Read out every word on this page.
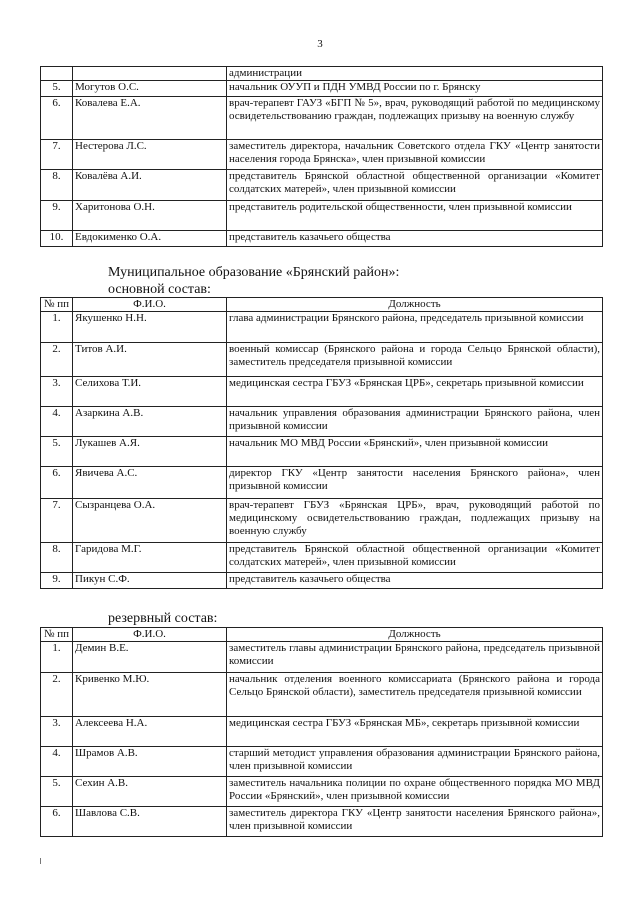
3
		администрации
5.	Могутов О.С.	начальник ОУУП и ПДН УМВД России по г. Брянску
6.	Ковалева Е.А.	врач-терапевт ГАУЗ «БГП № 5», врач, руководящий работой по медицинскому освидетельствованию граждан, подлежащих призыву на военную службу
7.	Нестерова Л.С.	заместитель директора, начальник Советского отдела ГКУ «Центр занятости населения города Брянска», член призывной комиссии
8.	Ковалёва А.И.	представитель Брянской областной общественной организации «Комитет солдатских матерей», член призывной комиссии
9.	Харитонова О.Н.	представитель родительской общественности, член призывной комиссии
10.	Евдокименко О.А.	представитель казачьего общества
Муниципальное образование «Брянский район»:
основной состав:
№ пп	Ф.И.О.	Должность
1.	Якушенко Н.Н.	глава администрации Брянского района, председатель призывной комиссии
2.	Титов А.И.	военный комиссар (Брянского района и города Сельцо Брянской области), заместитель председателя призывной комиссии
3.	Селихова Т.И.	медицинская сестра ГБУЗ «Брянская ЦРБ», секретарь призывной комиссии
4.	Азаркина А.В.	начальник управления образования администрации Брянского района, член призывной комиссии
5.	Лукашев А.Я.	начальник МО МВД России «Брянский», член призывной комиссии
6.	Явичева А.С.	директор ГКУ «Центр занятости населения Брянского района», член призывной комиссии
7.	Сызранцева О.А.	врач-терапевт ГБУЗ «Брянская ЦРБ», врач, руководящий работой по медицинскому освидетельствованию граждан, подлежащих призыву на военную службу
8.	Гаридова М.Г.	представитель Брянской областной общественной организации «Комитет солдатских матерей», член призывной комиссии
9.	Пикун С.Ф.	представитель казачьего общества
резервный состав:
№ пп	Ф.И.О.	Должность
1.	Демин В.Е.	заместитель главы администрации Брянского района, председатель призывной комиссии
2.	Кривенко М.Ю.	начальник отделения военного комиссариата (Брянского района и города Сельцо Брянской области), заместитель председателя призывной комиссии
3.	Алексеева Н.А.	медицинская сестра ГБУЗ «Брянская МБ», секретарь призывной комиссии
4.	Шрамов А.В.	старший методист управления образования администрации Брянского района, член призывной комиссии
5.	Сехин А.В.	заместитель начальника полиции по охране общественного порядка МО МВД России «Брянский», член призывной комиссии
6.	Шавлова С.В.	заместитель директора ГКУ «Центр занятости населения Брянского района», член призывной комиссии
